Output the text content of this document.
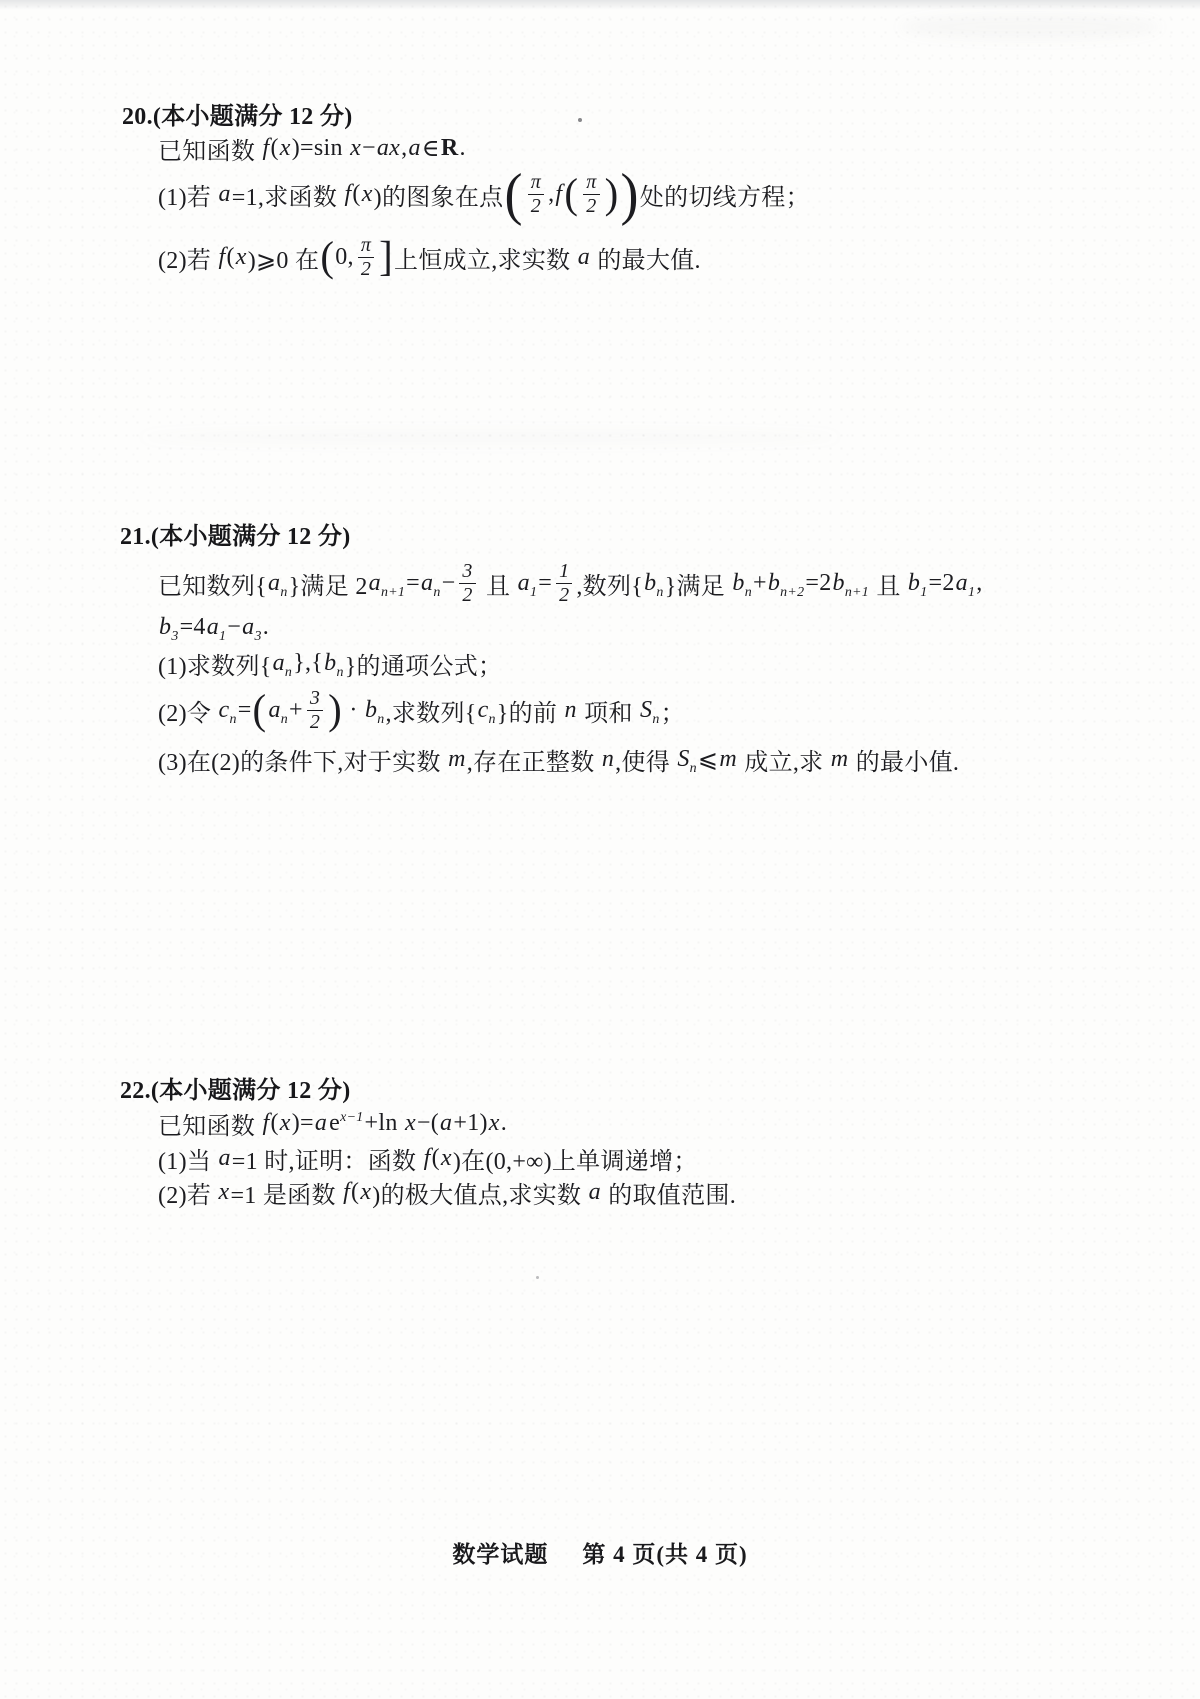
20.(本小题满分 12 分)
已知函数 f ( x )=sin x − ax , a ∈ R .
(1)若 a =1,求函数 f ( x )的图象在点 ( $\frac{\pi}{2}$ , f ( $\frac{\pi}{2}$ ) ) 处的切线方程；
(2)若 f ( x )⩾0 在 ( 0, $\frac{\pi}{2}$ ] 上恒成立,求实数 a 的最大值.
21.(本小题满分 12 分)
已知数列{ $a_n$ }满足 2 $a_{n+1} = a_n - \frac{3}{2}$ 且 $a_1 = \frac{1}{2}$ ,数列{ $b_n$ }满足 $b_n + b_{n+2} =2$ $b_{n+1}$ 且 $b_1 =2$ $a_1$ ,
$b_3 =4$ $a_1 - a_3$ .
(1)求数列{ $a_n$ },{ $b_n$ }的通项公式；
(2)令 $c_n$ = ( $a_n + \frac{3}{2}$ ) · $b_n$ ,求数列{ $c_n$ }的前 n 项和 $S_n$ ；
(3)在(2)的条件下,对于实数 m ,存在正整数 n ,使得 $S_n$ ⩽ m 成立,求 m 的最小值.
22.(本小题满分 12 分)
已知函数 f ( x )= a $e^{x-1} +\ln$ x −( a +1) x .
(1)当 a =1 时,证明：函数 f ( x )在(0,+∞)上单调递增；
(2)若 x =1 是函数 f ( x )的极大值点,求实数 a 的取值范围.
数学试题 第 4 页(共 4 页)
